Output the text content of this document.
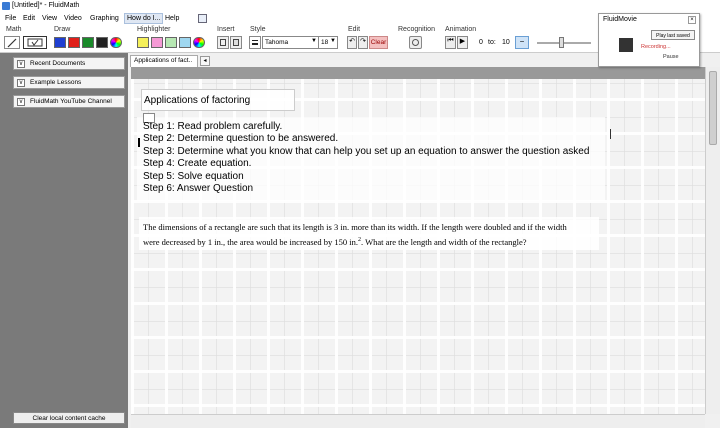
[Untitled]* - FluidMath
File Edit View Video Graphing	How do I... Help
Math	Draw	Highlighter	Insert Style
Tahoma	▼ 18 ▼
Edit
↶ ↷ Clear
Recognition Animation
⏮ ▶	0 to: 10	−
v	Recent Documents
v	Example Lessons
v	FluidMath YouTube Channel
Clear local content cache
Applications of fact..	◂
Applications of factoring
Step 1: Read problem carefully.
Step 2: Determine question to be answered.
Step 3: Determine what you know that can help you set up an equation to answer the question asked
Step 4: Create equation.
Step 5: Solve equation
Step 6: Answer Question
The dimensions of a rectangle are such that its length is 3 in. more than its width. If the length were doubled and if the width
were decreased by 1 in., the area would be increased by 150 in.$^2$. What are the length and width of the rectangle?
FluidMovie	×
Play last saved
Recording...
Pause
